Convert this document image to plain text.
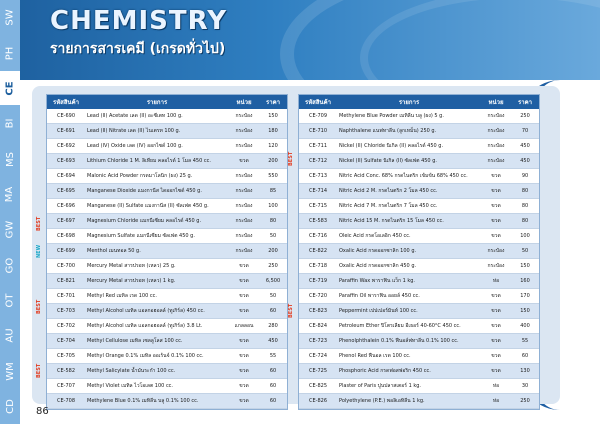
CHEMISTRY
รายการสารเคมี (เกรดทั่วไป)
SW
PH
CE
BI
MS
MA
GW
GO
OT
AU
WM
CD
รหัสสินค้า	รายการ	หน่วย	ราคา
CE-690	Lead (II) Acetate เลด (II) อะซีเตท 100 g.	กระป๋อง	150
CE-691	Lead (II) Nitrate เลด (II) ไนเตรท 100 g.	กระป๋อง	180
CE-692	Lead (IV) Oxide เลด (IV) ออกไซด์ 100 g.	กระป๋อง	120
CE-693	Lithium Chloride 1 M. ลิเทียม คลอไรด์ 1 โมล 450 cc.	ขวด	200
CE-694	Malonic Acid Powder กรดมาโลนิก (ผง) 25 g.	กระป๋อง	550
CE-695	Manganese Dioxide แมงกานีส ไดออกไซด์ 450 g.	กระป๋อง	85
CE-696	Manganese (II) Sulfate แมงกานีส (II) ซัลเฟต 450 g.	กระป๋อง	100
CE-697	Magnesium Chloride แมกนีเซียม คลอไรด์ 450 g.	กระป๋อง	80
CE-698	Magnesium Sulfate แมกนีเซียม ซัลเฟต 450 g.	กระป๋อง	50
CE-699	Menthol เมนทอล 50 g.	กระป๋อง	200
CE-700	Mercury Metal สารปรอท (เหลว) 25 g.	ขวด	250
CE-821	Mercury Metal สารปรอท (เหลว) 1 kg.	ขวด	6,500
CE-701	Methyl Red เมทิล เรด 100 cc.	ขวด	50
CE-703	Methyl Alcohol เมทิล แอลกอฮอลล์ (ทูเกิร์ล) 450 cc.	ขวด	60
CE-702	Methyl Alcohol เมทิล แอลกอฮอลล์ (ทูเกิร์ล) 3.8 Lt.	แกลลอน	280
CE-704	Methyl Cellulose เมทิล เซลลูโลส 100 cc.	ขวด	450
CE-705	Methyl Orange 0.1% เมทิล ออเร้นจ์ 0.1% 100 cc.	ขวด	55
CE-582	Methyl Salicylate น้ำมันระกำ 100 cc.	ขวด	60
CE-707	Methyl Violet เมทิล ไวโอเลต 100 cc.	ขวด	60
CE-708	Methylene Blue 0.1% เมทิลีน บลู 0.1% 100 cc.	ขวด	60
รหัสสินค้า	รายการ	หน่วย	ราคา
CE-709	Methylene Blue Powder เมทิลีน บลู (ผง) 5 g.	กระป๋อง	250
CE-710	Naphthalene แนฟทาลีน (ลูกเหม็น) 250 g.	กระป๋อง	70
CE-711	Nickel (II) Chloride นิเกิล (II) คลอไรด์ 450 g.	กระป๋อง	450
CE-712	Nickel (II) Sulfate นิเกิล (II) ซัลเฟต 450 g.	กระป๋อง	450
CE-713	Nitric Acid Conc. 68% กรดไนตริก เข้มข้น 68% 450 cc.	ขวด	90
CE-714	Nitric Acid 2 M. กรดไนตริก 2 โมล 450 cc.	ขวด	80
CE-715	Nitric Acid 7 M. กรดไนตริก 7 โมล 450 cc.	ขวด	80
CE-583	Nitric Acid 15 M. กรดไนตริก 15 โมล 450 cc.	ขวด	80
CE-716	Oleic Acid กรดโอเลอิก 450 cc.	ขวด	100
CE-822	Oxalic Acid กรดออกซาลิก 100 g.	กระป๋อง	50
CE-718	Oxalic Acid กรดออกซาลิก 450 g.	กระป๋อง	150
CE-719	Paraffin Wax พาราฟิน แว็ก 1 kg.	ห่อ	160
CE-720	Paraffin Oil พาราฟิน ออยล์ 450 cc.	ขวด	170
CE-823	Peppermint เปปเปอร์มินท์ 100 cc.	ขวด	150
CE-824	Petroleum Ether ปิโตรเลียม อีเธอร์ 40-60°C 450 cc.	ขวด	400
CE-723	Phenolphthalein 0.1% ฟีนอล์ฟทาลีน 0.1% 100 cc.	ขวด	55
CE-724	Phenol Red ฟีนอล เรด 100 cc.	ขวด	60
CE-725	Phosphoric Acid กรดฟอสฟอริก 450 cc.	ขวด	130
CE-825	Plaster of Paris ปูนปลาสเตอร์ 1 kg.	ห่อ	30
CE-826	Polyethylene (P.E.) พอลิเอทิลีน 1 kg.	ห่อ	250
BEST
NEW
BEST
BEST
BEST
BEST
86
